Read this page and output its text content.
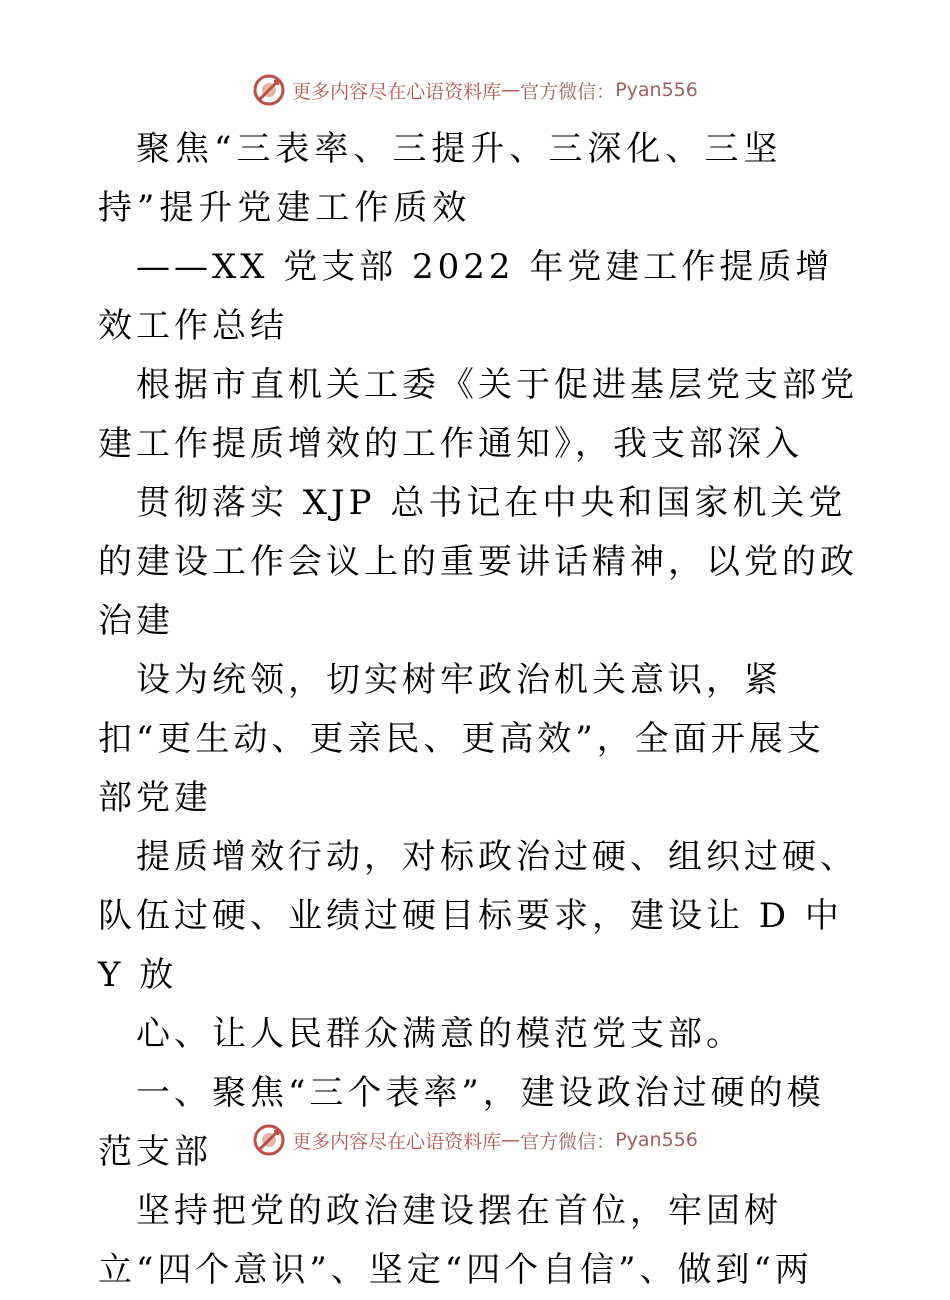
更多内容尽在心语资料库 — 官方微信： Pyan556

聚焦“三表率、三提升、三深化、三坚持”提升党建工作质效

——XX 党支部 2022 年党建工作提质增效工作总结

根据市直机关工委《关于促进基层党支部党建工作提质增效的工作通知》，我支部深入

贯彻落实 XJP 总书记在中央和国家机关党的建设工作会议上的重要讲话精神，以党的政治建

设为统领，切实树牢政治机关意识，紧扣“更生动、更亲民、更高效”，全面开展支部党建

提质增效行动，对标政治过硬、组织过硬、队伍过硬、业绩过硬目标要求，建设让 D 中 Y 放

心、让人民群众满意的模范党支部。

一、聚焦“三个表率”，建设政治过硬的模范支部

坚持把党的政治建设摆在首位，牢固树立“四个意识”、坚定“四个自信”、做到“两

更多内容尽在心语资料库 — 官方微信： Pyan556
